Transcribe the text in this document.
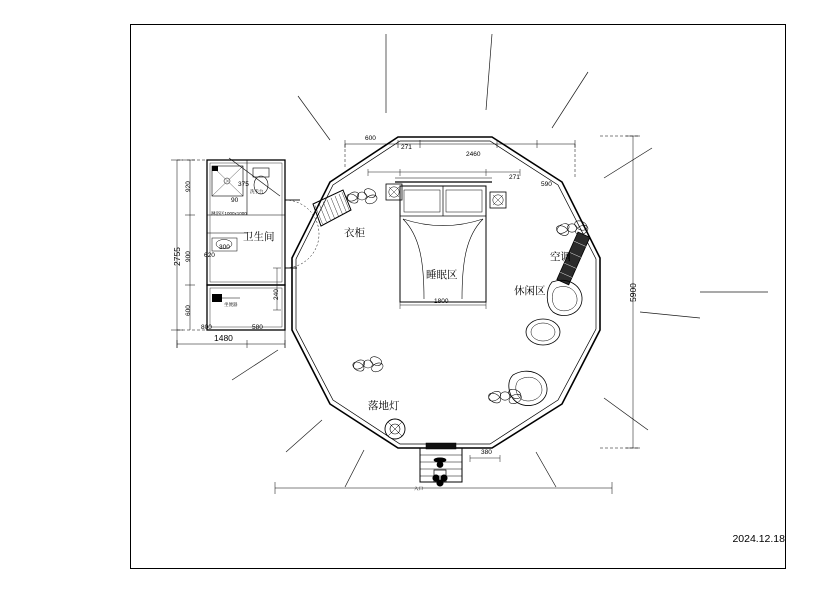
卫生间	衣柜
睡眠区
空调
休闲区
落地灯
5900
2755
1480
600
271
2460
271
590
920
900
600
800	580
1800
380
240
375
90
300
620
淋浴区1000x1000
坐便器
洗手台
入口
2024.12.18
